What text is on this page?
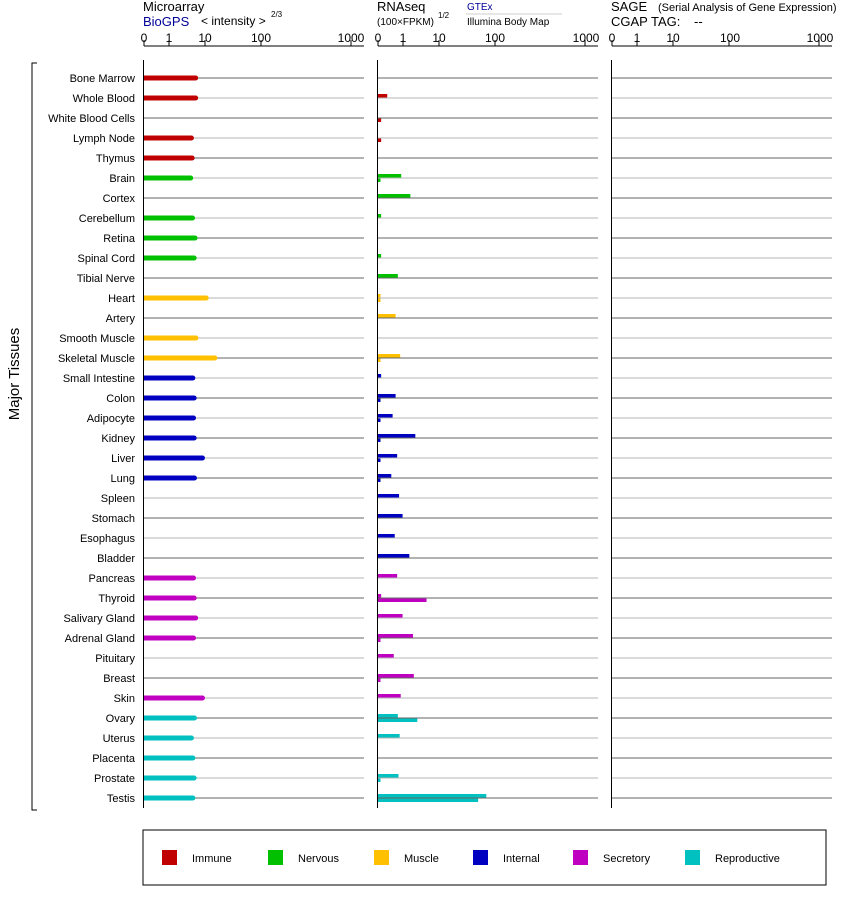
Microarray
BioGPS < intensity > 2/3
RNAseq
(100×FPKM)
1/2
GTEx
Illumina Body Map
SAGE (Serial Analysis of Gene Expression)
CGAP TAG: --
0 1 10	100	1000 0 1 10	100	1000 0 1 10	100	1000
Major Tissues
Bone Marrow
Whole Blood
White Blood Cells
Lymph Node
Thymus
Brain
Cortex
Cerebellum
Retina
Spinal Cord
Tibial Nerve
Heart
Artery
Smooth Muscle
Skeletal Muscle
Small Intestine
Colon
Adipocyte
Kidney
Liver
Lung
Spleen
Stomach
Esophagus
Bladder
Pancreas
Thyroid
Salivary Gland
Adrenal Gland
Pituitary
Breast
Skin
Ovary
Uterus
Placenta
Prostate
Testis
Immune	Nervous	Muscle	Internal	Secretory	Reproductive
